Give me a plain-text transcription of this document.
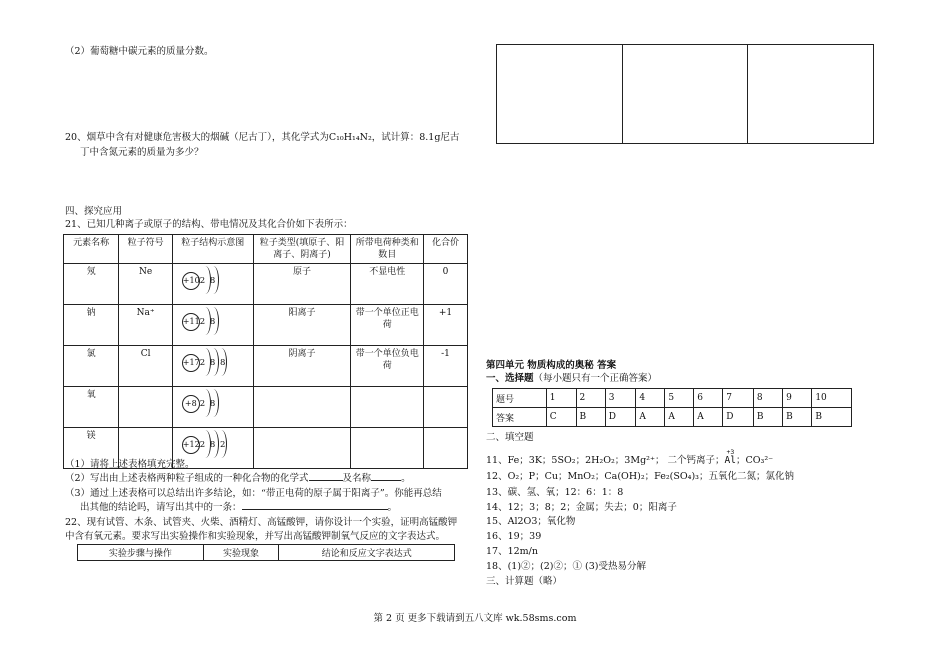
（2）葡萄糖中碳元素的质量分数。
20、烟草中含有对健康危害极大的烟碱（尼古丁），其化学式为C₁₀H₁₄N₂，试计算：8.1g尼古
丁中含氮元素的质量为多少？
四、探究应用
21、已知几种离子或原子的结构、带电情况及其化合价如下表所示：
元素名称	粒子符号	粒子结构示意图	粒子类型(填原子、阳离子、阴离子)	所带电荷种类和数目	化合价
氖	Ne	+10 2 8	原子	不显电性	0
钠	Na⁺	+11 2 8	阳离子	带一个单位正电荷	+1
氯	Cl	+17 2 8 8	阴离子	带一个单位负电荷	-1
氧		+8 2 8			

镁		+12 2 8 2			

（1）请将上述表格填充完整。
（2）写出由上述表格两种粒子组成的一种化合物的化学式	及名称	。
（3）通过上述表格可以总结出许多结论，如：“带正电荷的原子属于阳离子”。你能再总结
出其他的结论吗，请写出其中的一条：	。
22、现有试管、木条、试管夹、火柴、酒精灯、高锰酸钾，请你设计一个实验，证明高锰酸钾
中含有氧元素。要求写出实验操作和实验现象，并写出高锰酸钾制氧气反应的文字表达式。
实验步骤与操作	实验现象	结论和反应文字表达式

第四单元 物质构成的奥秘 答案
一、选择题（每小题只有一个正确答案）
题号	1	2	3	4	5	6	7	8	9	10
答案	C	B	D	A	A	A	D	B	B	B
二、填空题
11、Fe；3K；5SO₂；2H₂O₂；3Mg²⁺； 二个钙离子；
+3
Al；CO₃²⁻
12、O₂；P；Cu；MnO₂；Ca(OH)₂；Fe₂(SO₄)₃；五氧化二氮；氯化钠
13、碳、氢、氧；12：6：1：8
14、12；3；8；2；金属；失去；0；阳离子
15、Al2O3；氧化物
16、19；39
17、12m/n
18、(1)②；(2)②；① (3)受热易分解
三、计算题（略）
第 2 页 更多下载请到五八文库 wk.58sms.com
